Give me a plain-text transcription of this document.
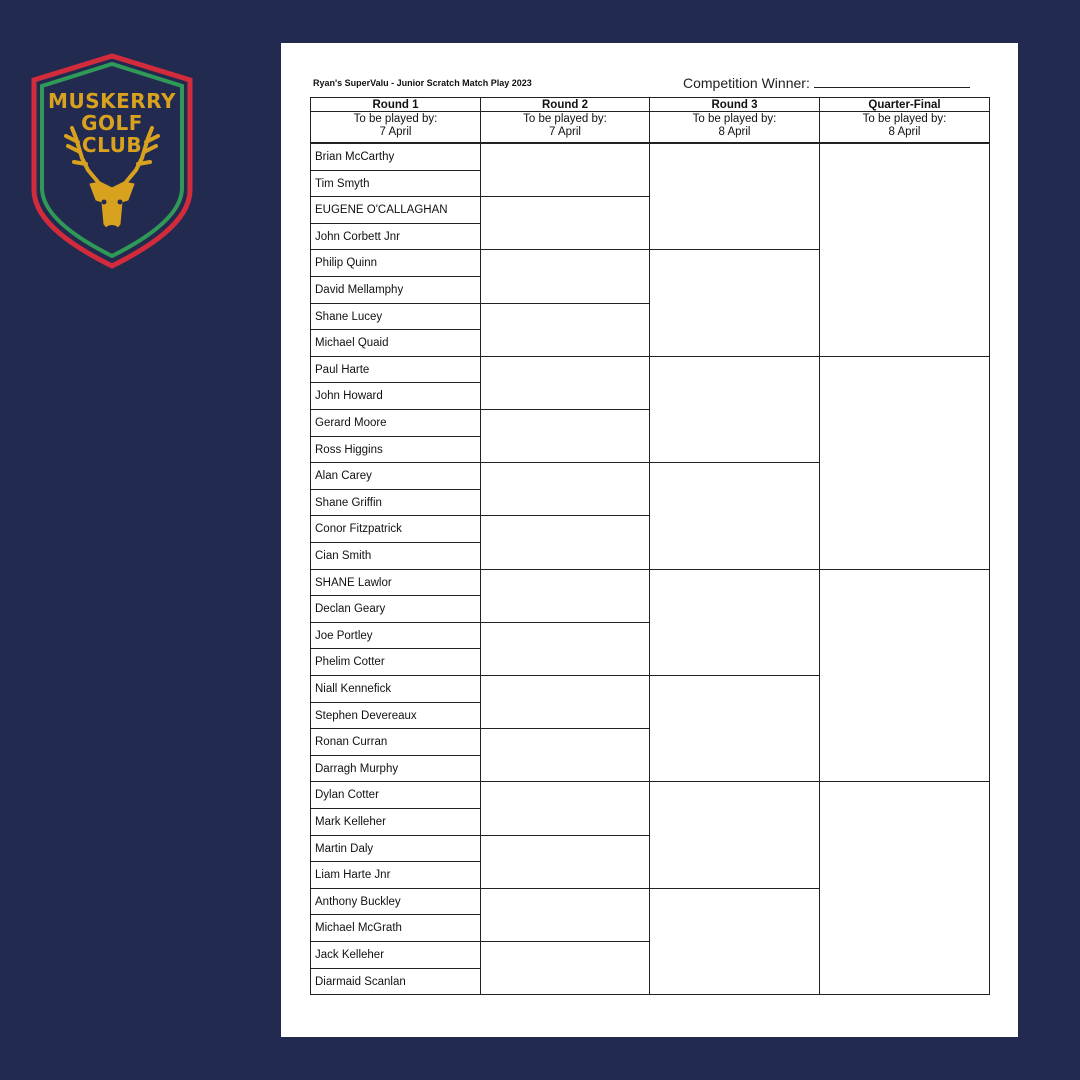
MUSKERRY
GOLF
CLUB
Ryan's SuperValu - Junior Scratch Match Play 2023	Competition Winner:
Round 1
To be played by:
7 April
Round 2
To be played by:
7 April
Round 3
To be played by:
8 April
Quarter-Final
To be played by:
8 April
Brian McCarthy
Tim Smyth
EUGENE O'CALLAGHAN
John Corbett Jnr
Philip Quinn
David Mellamphy
Shane Lucey
Michael Quaid
Paul Harte
John Howard
Gerard Moore
Ross Higgins
Alan Carey
Shane Griffin
Conor Fitzpatrick
Cian Smith
SHANE Lawlor
Declan Geary
Joe Portley
Phelim Cotter
Niall Kennefick
Stephen Devereaux
Ronan Curran
Darragh Murphy
Dylan Cotter
Mark Kelleher
Martin Daly
Liam Harte Jnr
Anthony Buckley
Michael McGrath
Jack Kelleher
Diarmaid Scanlan
